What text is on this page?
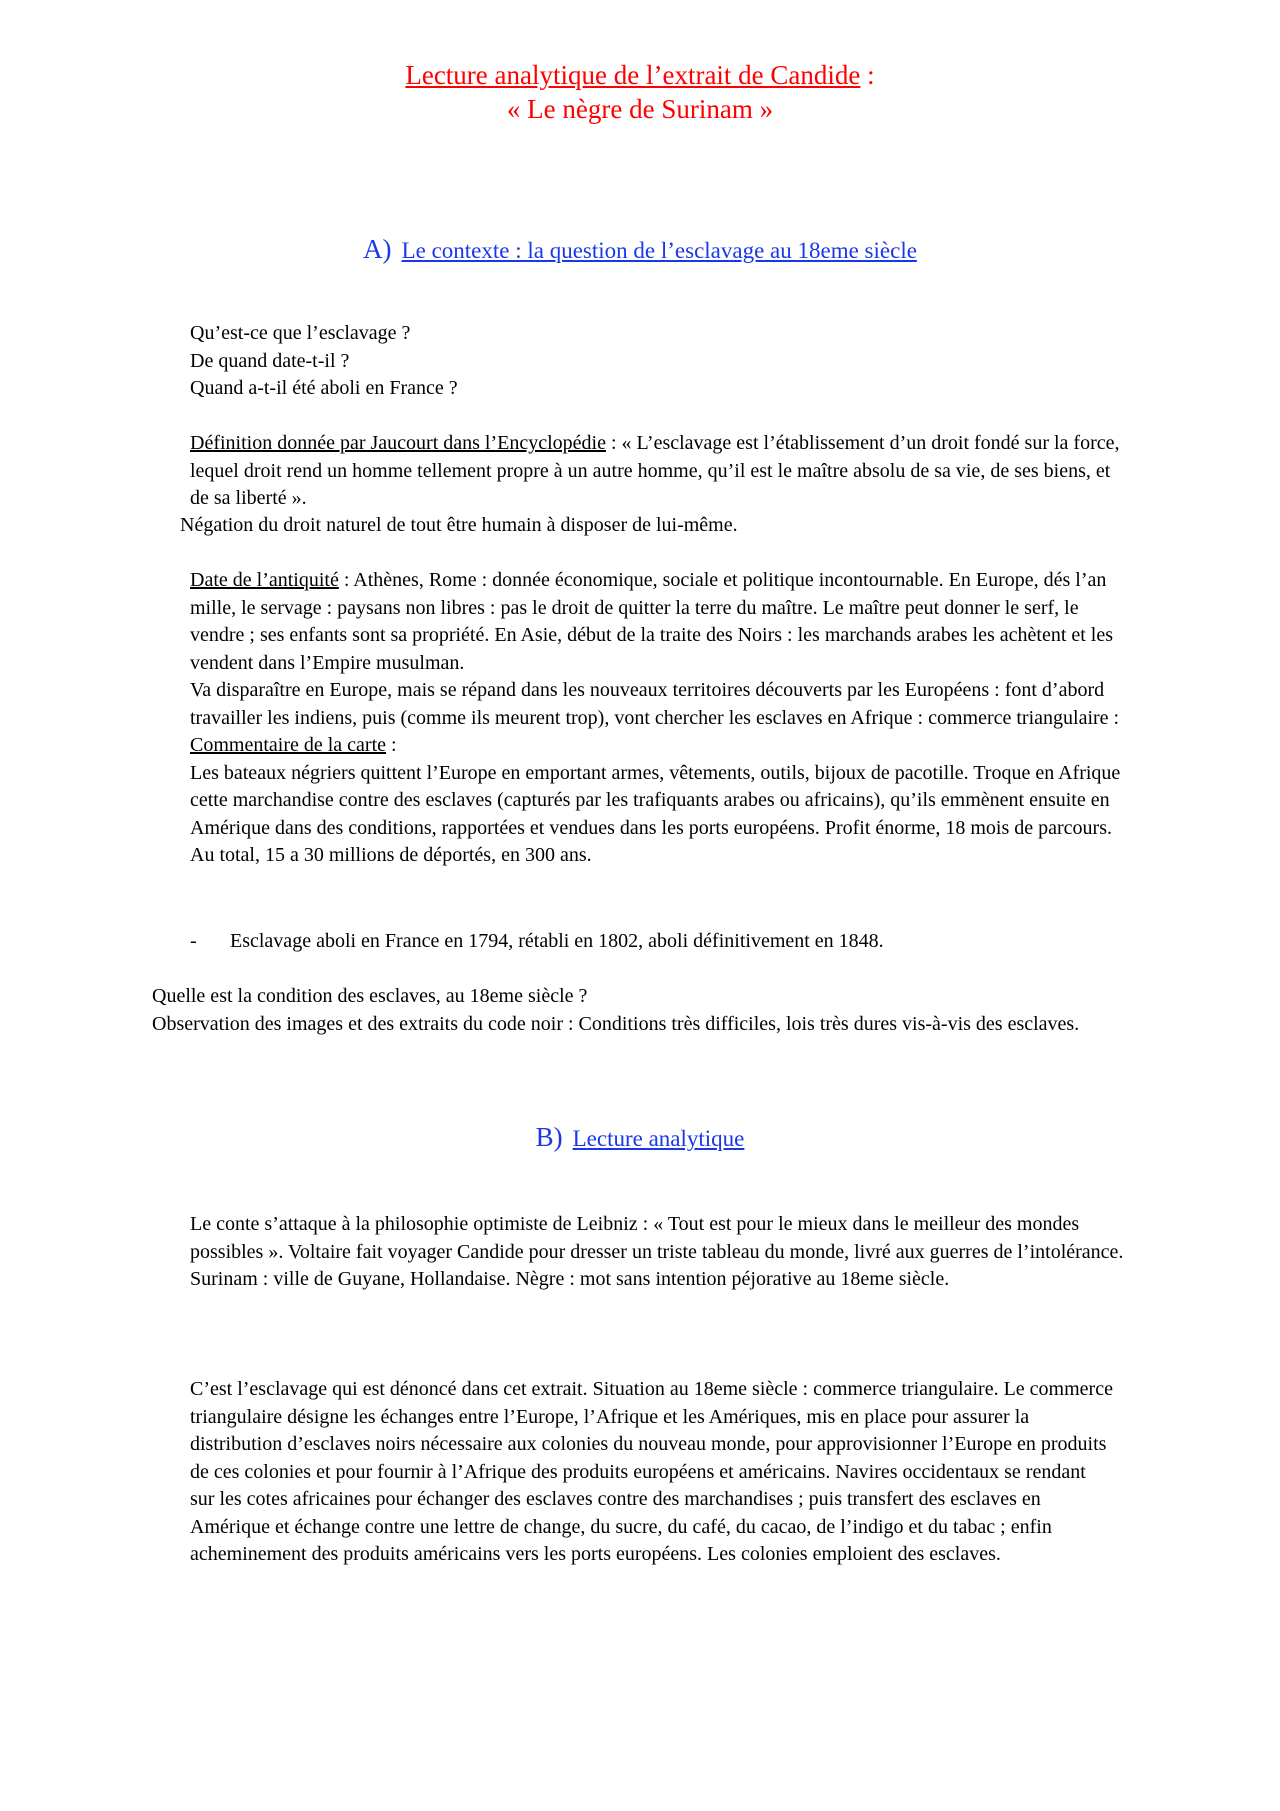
Lecture analytique de l’extrait de Candide :
« Le nègre de Surinam »
A) Le contexte : la question de l’esclavage au 18eme siècle

Qu’est-ce que l’esclavage ?

De quand date-t-il ?

Quand a-t-il été aboli en France ?

Définition donnée par Jaucourt dans l’Encyclopédie : « L’esclavage est l’établissement d’un droit fondé sur la force, lequel droit rend un homme tellement propre à un autre homme, qu’il est le maître absolu de sa vie, de ses biens, et de sa liberté ».
Négation du droit naturel de tout être humain à disposer de lui-même.

Date de l’antiquité : Athènes, Rome : donnée économique, sociale et politique incontournable. En Europe, dés l’an mille, le servage : paysans non libres : pas le droit de quitter la terre du maître. Le maître peut donner le serf, le vendre ; ses enfants sont sa propriété. En Asie, début de la traite des Noirs : les marchands arabes les achètent et les vendent dans l’Empire musulman.

Va disparaître en Europe, mais se répand dans les nouveaux territoires découverts par les Européens : font d’abord travailler les indiens, puis (comme ils meurent trop), vont chercher les esclaves en Afrique : commerce triangulaire :

Commentaire de la carte :

Les bateaux négriers quittent l’Europe en emportant armes, vêtements, outils, bijoux de pacotille. Troque en Afrique cette marchandise contre des esclaves (capturés par les trafiquants arabes ou africains), qu’ils emmènent ensuite en Amérique dans des conditions, rapportées et vendues dans les ports européens. Profit énorme, 18 mois de parcours.

Au total, 15 a 30 millions de déportés, en 300 ans.

- Esclavage aboli en France en 1794, rétabli en 1802, aboli définitivement en 1848.

Quelle est la condition des esclaves, au 18eme siècle ?

Observation des images et des extraits du code noir : Conditions très difficiles, lois très dures vis-à-vis des esclaves.

B) Lecture analytique

Le conte s’attaque à la philosophie optimiste de Leibniz : « Tout est pour le mieux dans le meilleur des mondes possibles ». Voltaire fait voyager Candide pour dresser un triste tableau du monde, livré aux guerres de l’intolérance.

Surinam : ville de Guyane, Hollandaise. Nègre : mot sans intention péjorative au 18eme siècle.

C’est l’esclavage qui est dénoncé dans cet extrait. Situation au 18eme siècle : commerce triangulaire. Le commerce triangulaire désigne les échanges entre l’Europe, l’Afrique et les Amériques, mis en place pour assurer la distribution d’esclaves noirs nécessaire aux colonies du nouveau monde, pour approvisionner l’Europe en produits de ces colonies et pour fournir à l’Afrique des produits européens et américains. Navires occidentaux se rendant sur les cotes africaines pour échanger des esclaves contre des marchandises ; puis transfert des esclaves en Amérique et échange contre une lettre de change, du sucre, du café, du cacao, de l’indigo et du tabac ; enfin acheminement des produits américains vers les ports européens. Les colonies emploient des esclaves.
